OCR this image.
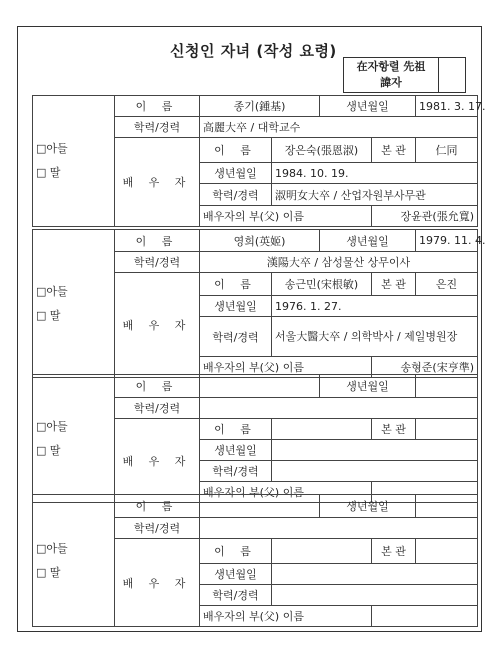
신청인 자녀 (작성 요령)
在자항렬 先祖
諱자
□아들
□ 딸	이 름	종기(鍾基)		생년월일		1981. 3. 17.
	학력/경력	高麗大卒 / 대학교수				
	배 우 자	이 름	장은숙(張恩淑)		본 관	仁同
		생년월일	1984. 10. 19.			
		학력/경력	淑明女大卒 / 산업자원부사무관			
		배우자의 부(父) 이름			장윤관(張允寬)	
□아들
□ 딸	이 름	영희(英姬)		생년월일		1979. 11. 4.
	학력/경력	漢陽大卒 / 삼성물산 상무이사				
	배 우 자	이 름	송근민(宋根敏)		본 관	은진
		생년월일	1976. 1. 27.			
		학력/경력	서울大醫大卒 / 의학박사 / 제일병원장			
		배우자의 부(父) 이름			송형준(宋亨準)	
□아들
□ 딸	이 름			생년월일		
	학력/경력					
	배 우 자	이 름			본 관	
		생년월일				
		학력/경력				
		배우자의 부(父) 이름				
□아들
□ 딸	이 름			생년월일		
	학력/경력					
	배 우 자	이 름			본 관	
		생년월일				
		학력/경력				
		배우자의 부(父) 이름				
